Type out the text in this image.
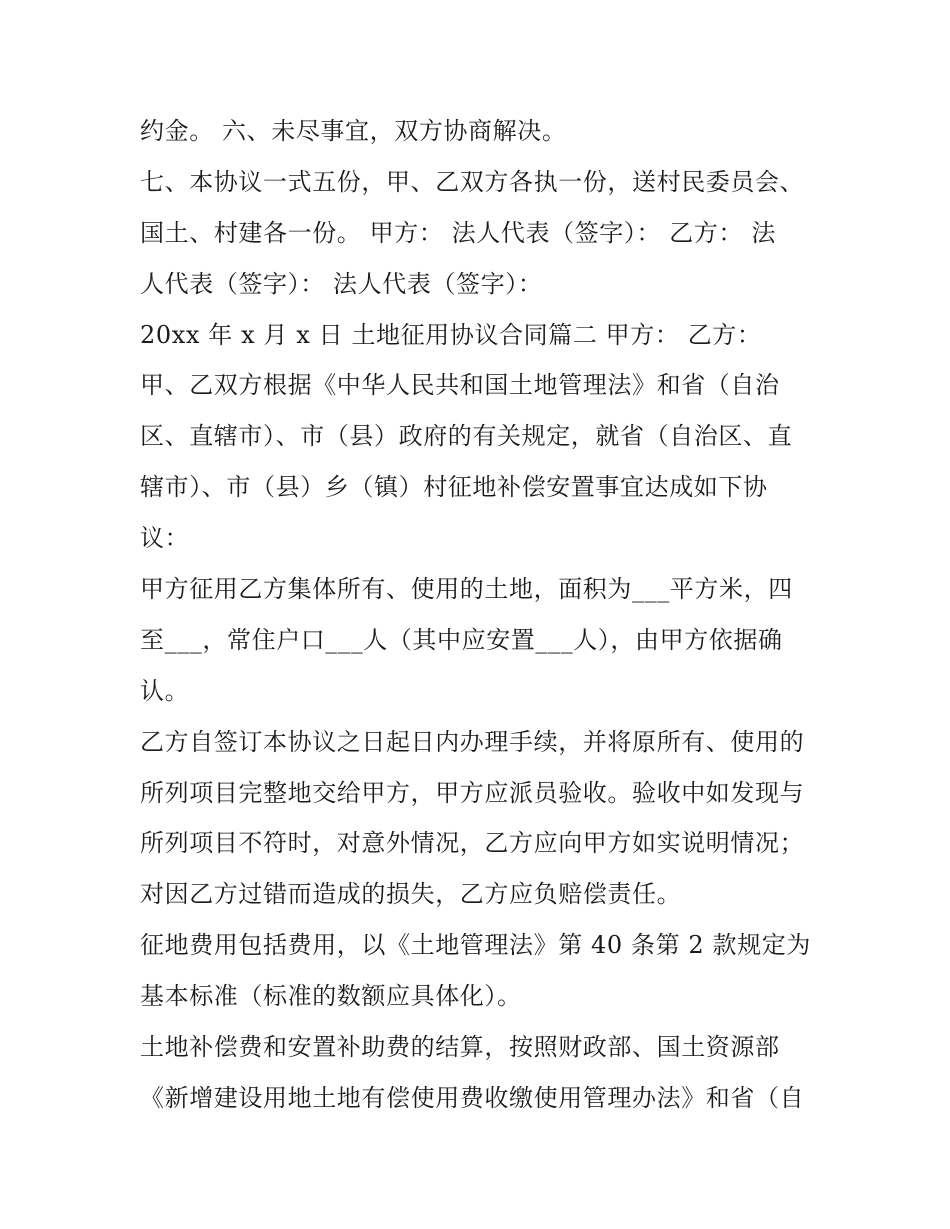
约金。 六、未尽事宜，双方协商解决。
七、本协议一式五份，甲、乙双方各执一份，送村民委员会、
国土、村建各一份。 甲方： 法人代表（签字）： 乙方： 法
人代表（签字）： 法人代表（签字）：
20xx 年 x 月 x 日 土地征用协议合同篇二 甲方： 乙方：
甲、乙双方根据《中华人民共和国土地管理法》和省（自治
区、直辖市）、市（县）政府的有关规定，就省（自治区、直
辖市）、市（县）乡（镇）村征地补偿安置事宜达成如下协
议：
甲方征用乙方集体所有、使用的土地，面积为___平方米，四
至___，常住户口___人（其中应安置___人），由甲方依据确
认。
乙方自签订本协议之日起日内办理手续，并将原所有、使用的
所列项目完整地交给甲方，甲方应派员验收。验收中如发现与
所列项目不符时，对意外情况，乙方应向甲方如实说明情况；
对因乙方过错而造成的损失，乙方应负赔偿责任。
征地费用包括费用，以《土地管理法》第 40 条第 2 款规定为
基本标准（标准的数额应具体化）。
土地补偿费和安置补助费的结算，按照财政部、国土资源部
《新增建设用地土地有偿使用费收缴使用管理办法》和省（自
